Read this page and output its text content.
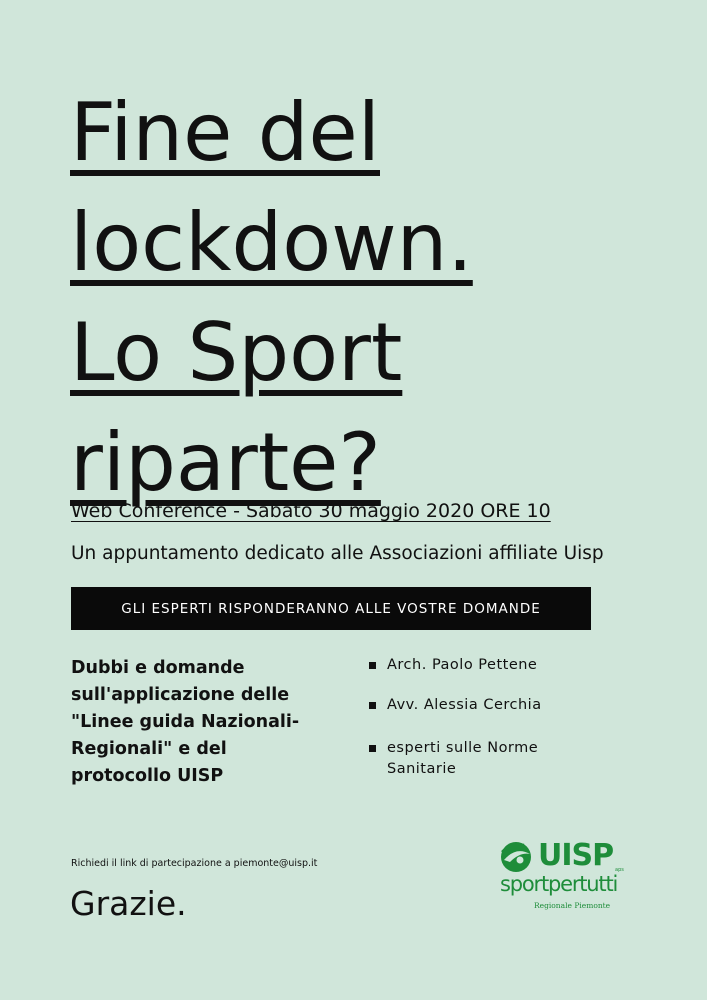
Fine del
lockdown.
Lo Sport
riparte?
Web Conference - Sabato 30 maggio 2020 ORE 10
Un appuntamento dedicato alle Associazioni affiliate Uisp
GLI ESPERTI RISPONDERANNO ALLE VOSTRE DOMANDE
Dubbi e domande
sull'applicazione delle
"Linee guida Nazionali-
Regionali" e del
protocollo UISP
Arch. Paolo Pettene
Avv. Alessia Cerchia
esperti sulle Norme Sanitarie
Richiedi il link di partecipazione a piemonte@uisp.it
Grazie.
UISP aps
sportpertutti
Regionale Piemonte
